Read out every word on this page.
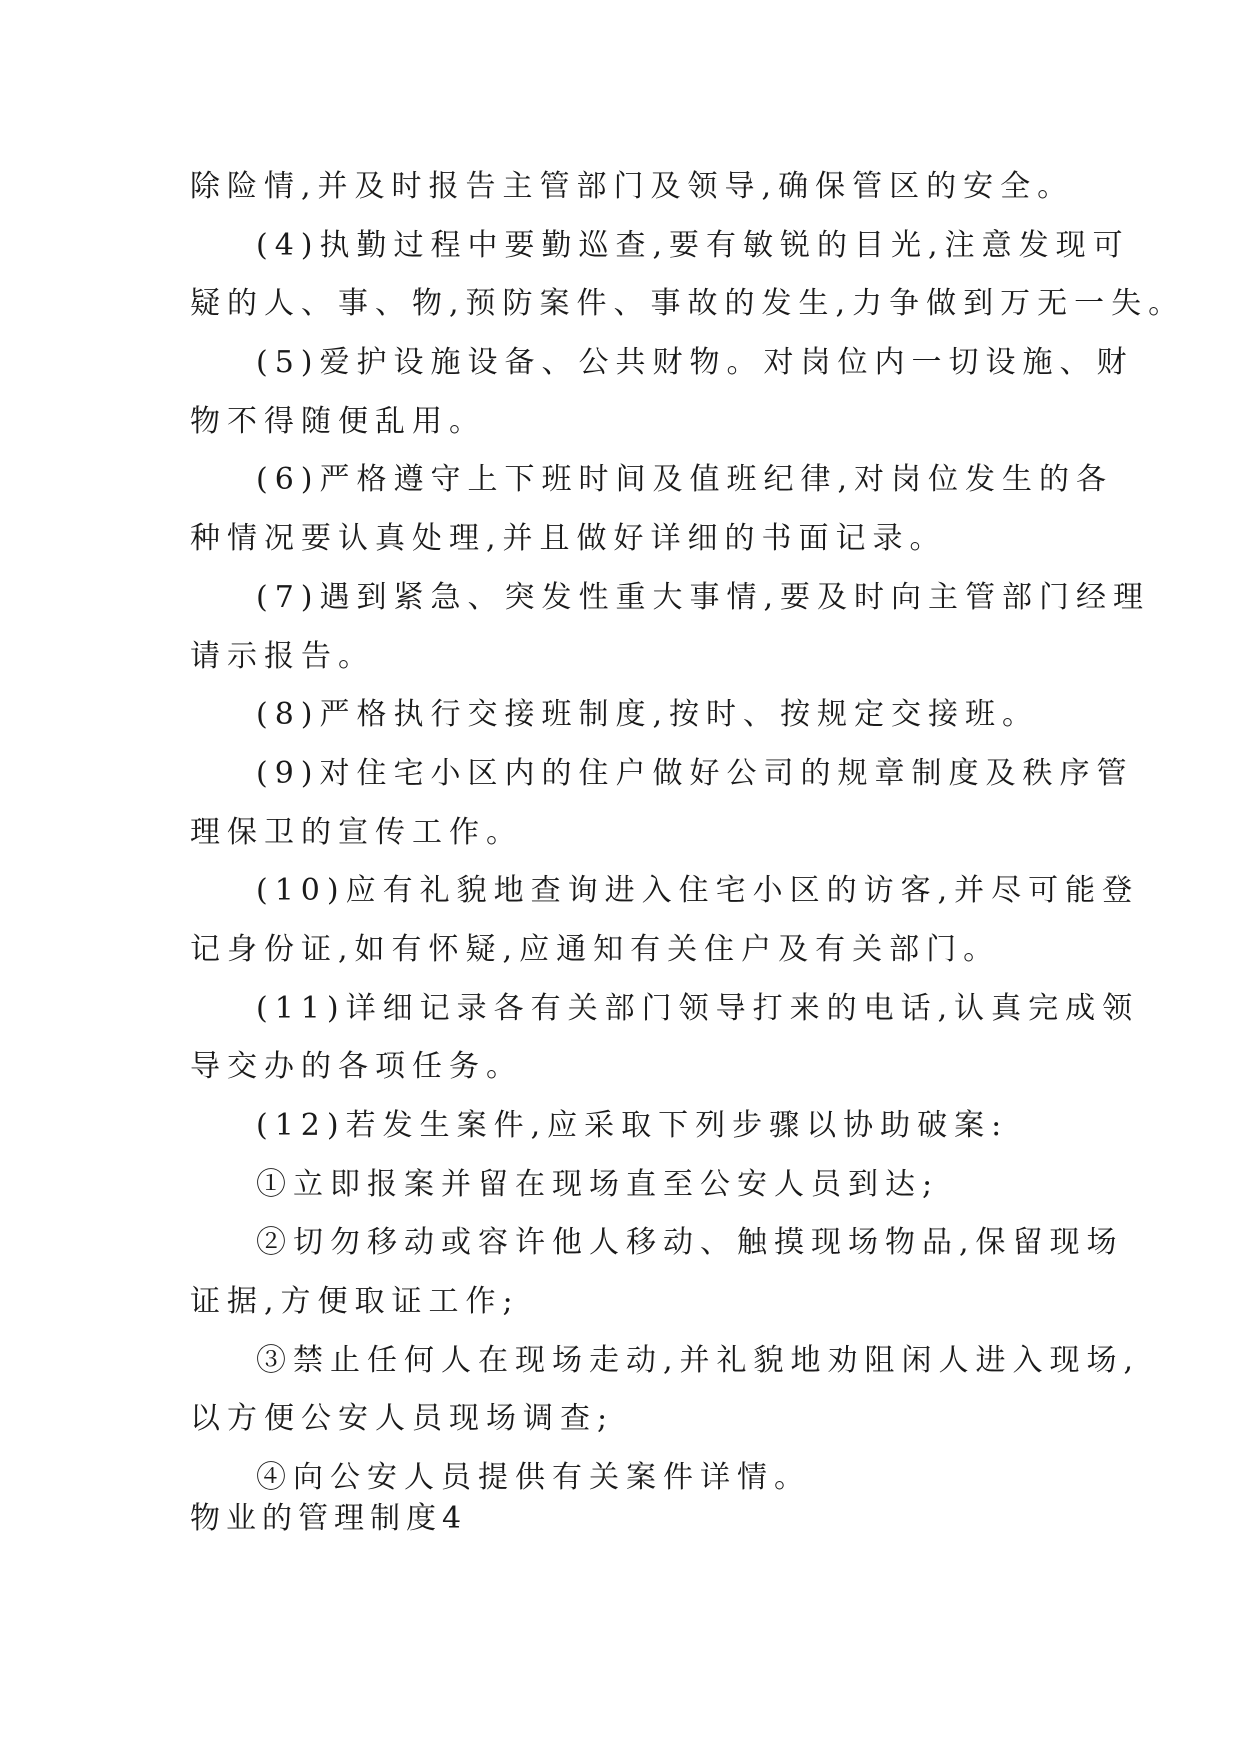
除险情,并及时报告主管部门及领导,确保管区的安全。
(4)执勤过程中要勤巡查,要有敏锐的目光,注意发现可
疑的人、事、物,预防案件、事故的发生,力争做到万无一失。
(5)爱护设施设备、公共财物。对岗位内一切设施、财
物不得随便乱用。
(6)严格遵守上下班时间及值班纪律,对岗位发生的各
种情况要认真处理,并且做好详细的书面记录。
(7)遇到紧急、突发性重大事情,要及时向主管部门经理
请示报告。
(8)严格执行交接班制度,按时、按规定交接班。
(9)对住宅小区内的住户做好公司的规章制度及秩序管
理保卫的宣传工作。
(10)应有礼貌地查询进入住宅小区的访客,并尽可能登
记身份证,如有怀疑,应通知有关住户及有关部门。
(11)详细记录各有关部门领导打来的电话,认真完成领
导交办的各项任务。
(12)若发生案件,应采取下列步骤以协助破案:
①立即报案并留在现场直至公安人员到达;
②切勿移动或容许他人移动、触摸现场物品,保留现场
证据,方便取证工作;
③禁止任何人在现场走动,并礼貌地劝阻闲人进入现场,
以方便公安人员现场调查;
④向公安人员提供有关案件详情。
物业的管理制度4
